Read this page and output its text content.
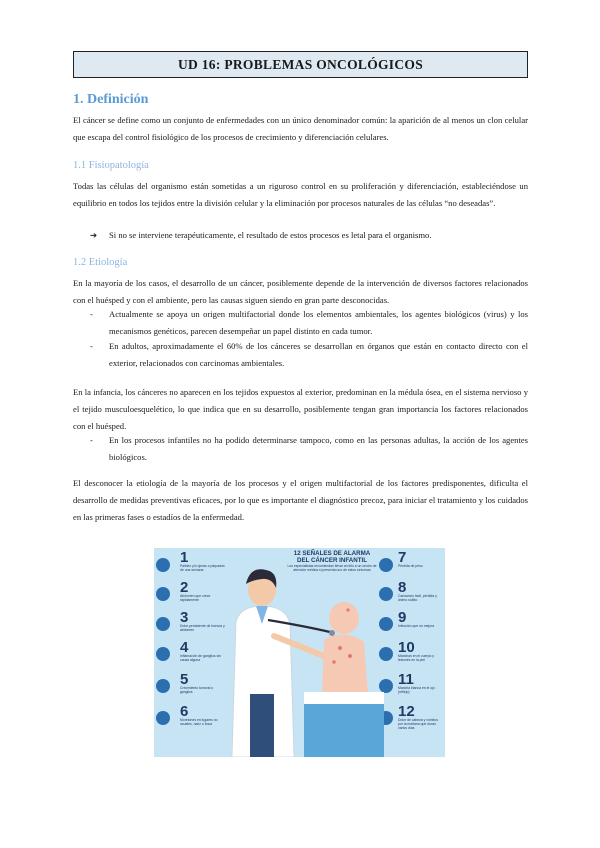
UD 16: PROBLEMAS ONCOLÓGICOS
1. Definición
El cáncer se define como un conjunto de enfermedades con un único denominador común: la aparición de al menos un clon celular que escapa del control fisiológico de los procesos de crecimiento y diferenciación celulares.
1.1 Fisiopatología
Todas las células del organismo están sometidas a un riguroso control en su proliferación y diferenciación, estableciéndose un equilibrio en todos los tejidos entre la división celular y la eliminación por procesos naturales de las células “no deseadas”.
➔ Si no se interviene terapéuticamente, el resultado de estos procesos es letal para el organismo.
1.2 Etiología
En la mayoría de los casos, el desarrollo de un cáncer, posiblemente depende de la intervención de diversos factores relacionados con el huésped y con el ambiente, pero las causas siguen siendo en gran parte desconocidas.
- Actualmente se apoya un origen multifactorial donde los elementos ambientales, los agentes biológicos (virus) y los mecanismos genéticos, parecen desempeñar un papel distinto en cada tumor.
- En adultos, aproximadamente el 60% de los cánceres se desarrollan en órganos que están en contacto directo con el exterior, relacionados con carcinomas ambientales.
En la infancia, los cánceres no aparecen en los tejidos expuestos al exterior, predominan en la médula ósea, en el sistema nervioso y el tejido musculoesquelético, lo que indica que en su desarrollo, posiblemente tengan gran importancia los factores relacionados con el huésped.
- En los procesos infantiles no ha podido determinarse tampoco, como en las personas adultas, la acción de los agentes biológicos.
El desconocer la etiología de la mayoría de los procesos y el origen multifactorial de los factores predisponentes, dificulta el desarrollo de medidas preventivas eficaces, por lo que es importante el diagnóstico precoz, para iniciar el tratamiento y los cuidados en las primeras fases o estadíos de la enfermedad.
12 SEÑALES DE ALARMA
DEL CÁNCER INFANTIL
Los especialistas recomiendan llevar al niño a un centro de atención médica si presenta uno de estos síntomas
1
2
3
4
5
6
Palidez y/o ojeras o párpados de una semana
Abdomen que crece rápidamente
Dolor persistente de huesos y abdomen
Inflamación de ganglios sin causa alguna
Crecimiento tumoral o ganglios
Moretones en lugares no usuales, nariz o boca
7
8
9
10
11
12
Pérdida de peso
Cansancio fácil, pérdida y ánimo súbito
Infección que no mejora
Manchas en el cuerpo y lesiones en la piel
Mancha blanca en el ojo (reflejo)
Dolor de cabeza y vómitos por la mañana que duran varios días
